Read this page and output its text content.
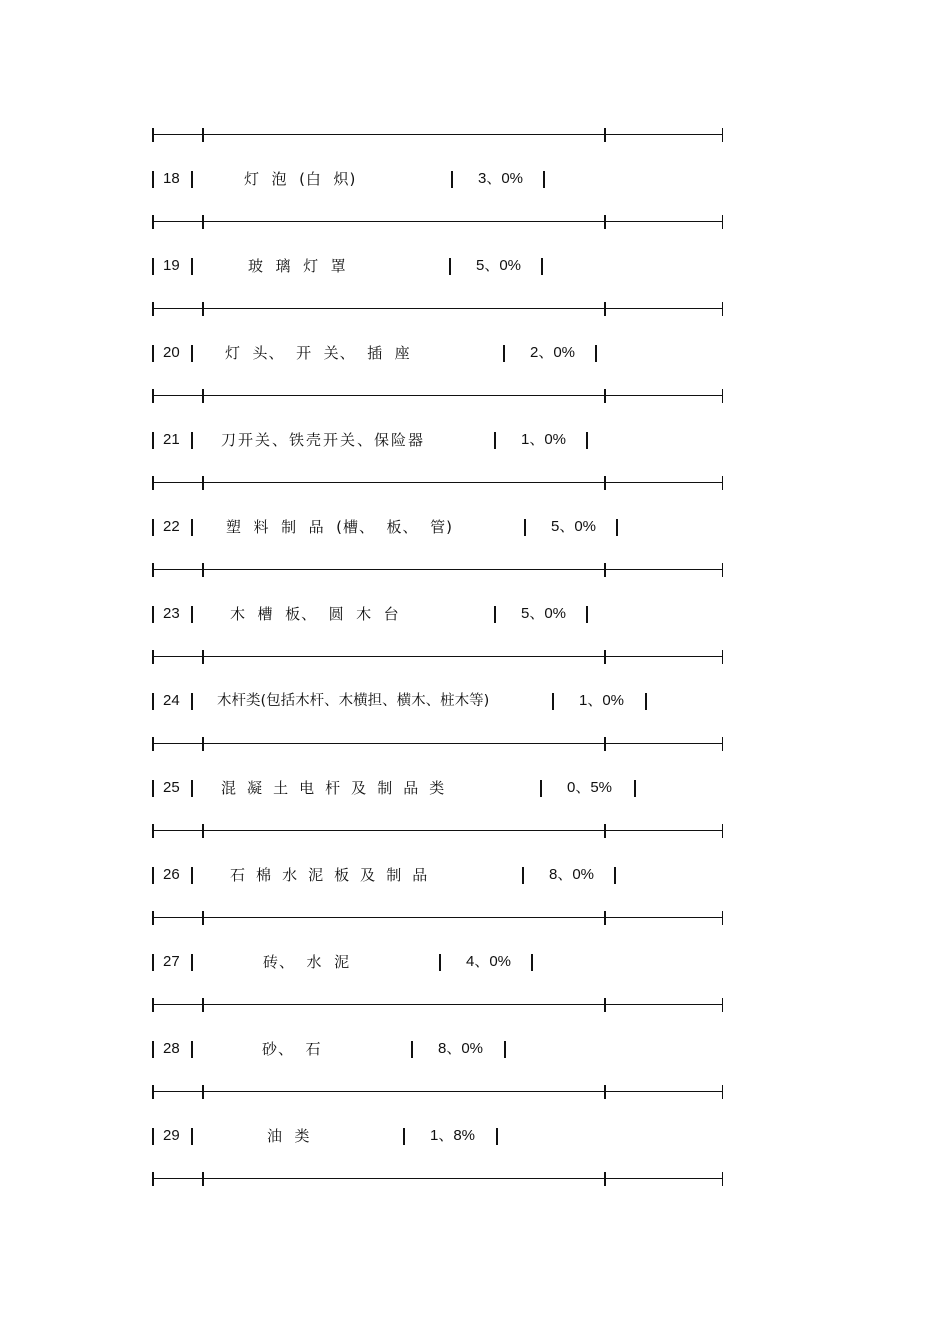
18	灯  泡  (白  炽)	3、0%
19	玻  璃  灯  罩	5、0%
20	灯  头、  开  关、  插  座	2、0%
21	刀开关、铁壳开关、保险器	1、0%
22	塑  料  制  品  (槽、  板、  管)	5、0%
23	木  槽  板、  圆  木  台	5、0%
24	木杆类(包括木杆、木横担、横木、桩木等)	1、0%
25	混  凝  土  电  杆  及  制  品  类	0、5%
26	石  棉  水  泥  板  及  制  品	8、0%
27	砖、  水  泥	4、0%
28	砂、  石	8、0%
29	油  类	1、8%
